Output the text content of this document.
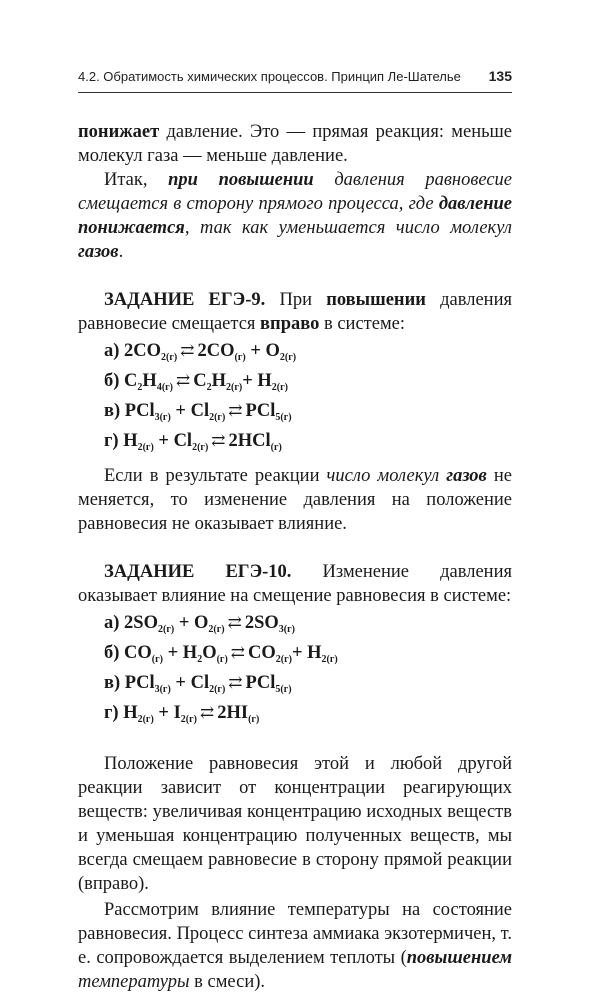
4.2. Обратимость химических процессов. Принцип Ле-Шателье 135

понижает давление. Это — прямая реакция: меньше молекул газа — меньше давление.

Итак, при повышении давления равновесие смещается в сторону прямого процесса, где давление понижается, так как уменьшается число молекул газов.

ЗАДАНИЕ ЕГЭ-9. При повышении давления равновесие смещается вправо в системе:

а) $2CO_{2(г)}$ ⇄ $2CO_{(г)} + O_{2(г)}$
б) $C_2H_{4(г)}$ ⇄ $C_2H_{2(г)}+ H_{2(г)}$
в) $PCl_{3(г)} + Cl_{2(г)}$ ⇄ PCl$_{5(г)}$
г) $H_{2(г)} + Cl_{2(г)}$ ⇄ 2HCl$_{(г)}$

Если в результате реакции число молекул газов не меняется, то изменение давления на положение равновесия не оказывает влияние.

ЗАДАНИЕ ЕГЭ-10. Изменение давления оказывает влияние на смещение равновесия в системе:

а) $2SO_{2(г)} + O_{2(г)}$ ⇄ $2SO_{3(г)}$
б) $CO_{(г)} + H_2O_{(г)}$ ⇄ $CO_{2(г)}+ H_{2(г)}$
в) $PCl_{3(г)} + Cl_{2(г)}$ ⇄ PCl$_{5(г)}$
г) $H_{2(г)} + I_{2(г)}$ ⇄ $2HI_{(г)}$

Положение равновесия этой и любой другой реакции зависит от концентрации реагирующих веществ: увеличивая концентрацию исходных веществ и уменьшая концентрацию полученных веществ, мы всегда смещаем равновесие в сторону прямой реакции (вправо).

Рассмотрим влияние температуры на состояние равновесия. Процесс синтеза аммиака экзотермичен, т. е. сопровождается выделением теплоты (повышением температуры в смеси).
